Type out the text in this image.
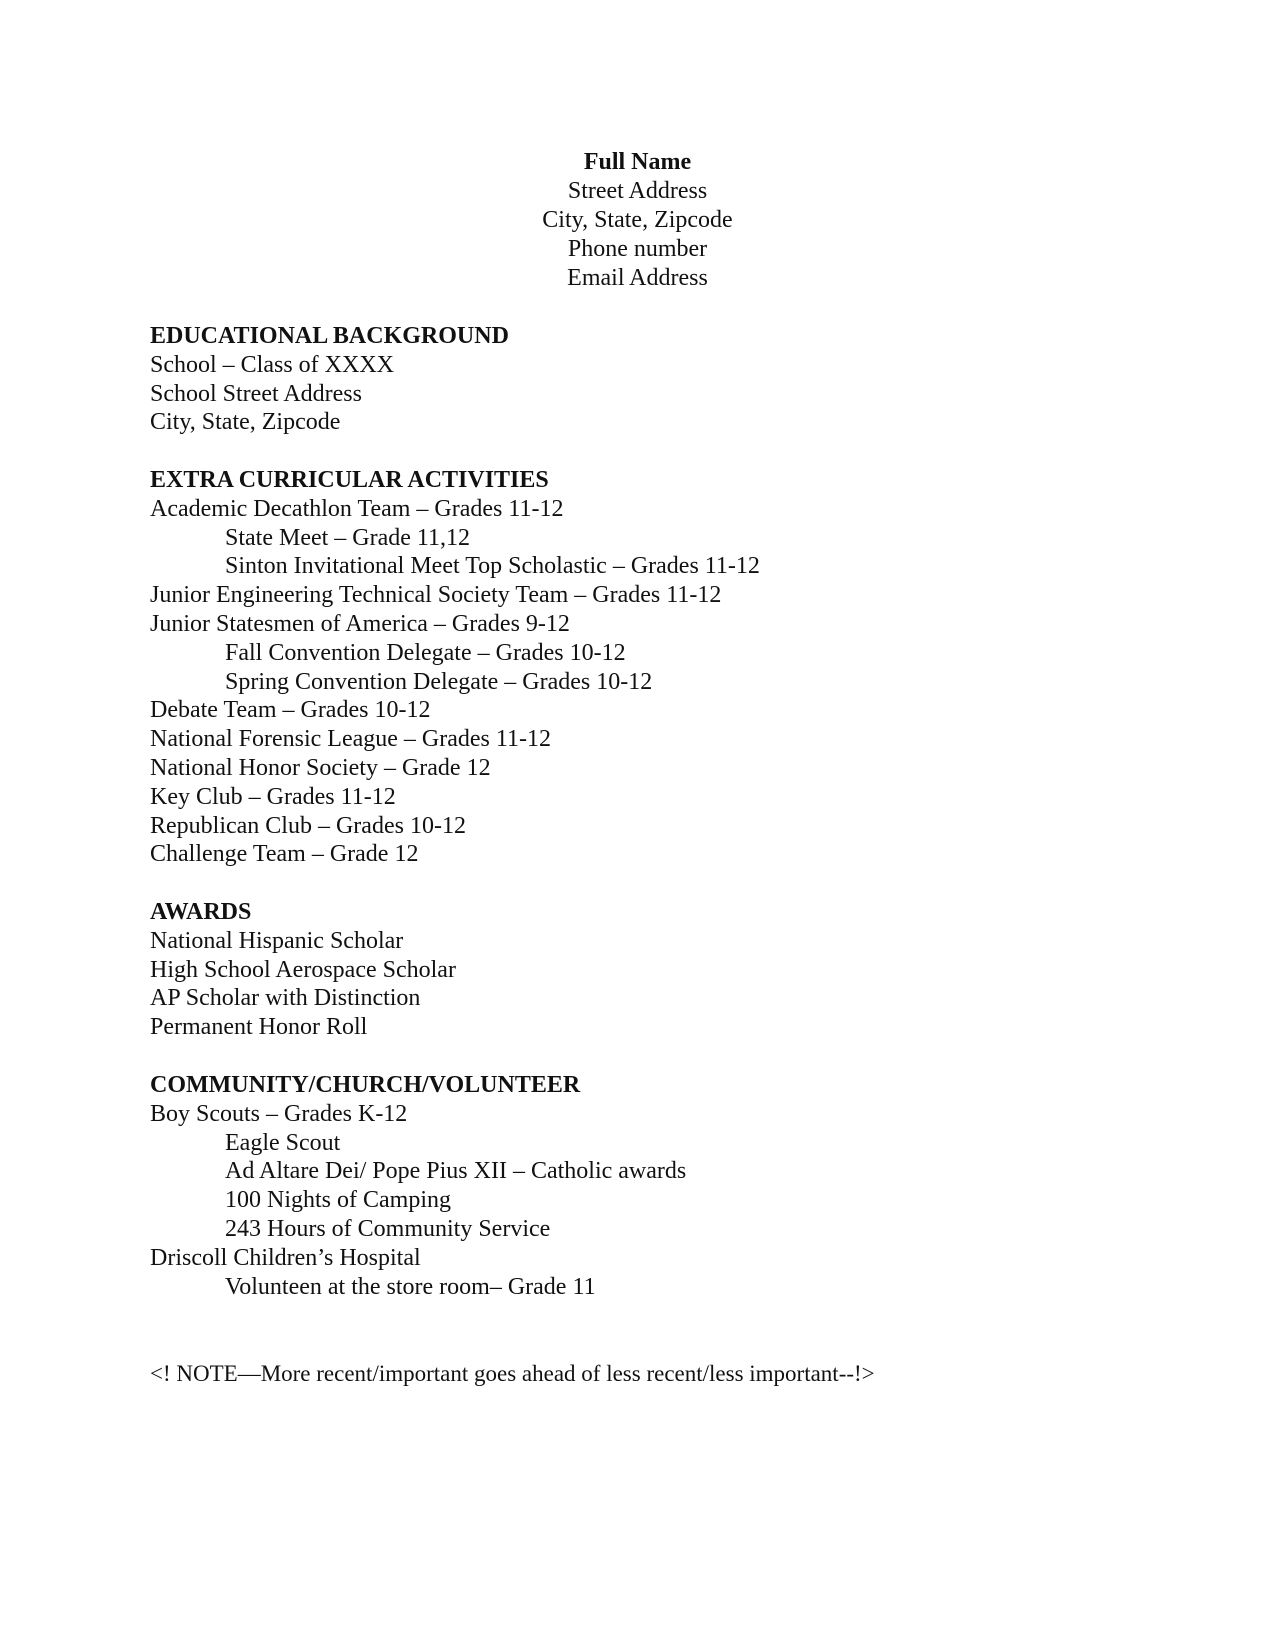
Full Name
Street Address
City, State, Zipcode
Phone number
Email Address
EDUCATIONAL BACKGROUND
School – Class of XXXX
School Street Address
City, State, Zipcode
EXTRA CURRICULAR ACTIVITIES
Academic Decathlon Team – Grades 11-12
State Meet – Grade 11,12
Sinton Invitational Meet Top Scholastic – Grades 11-12
Junior Engineering Technical Society Team – Grades 11-12
Junior Statesmen of America – Grades 9-12
Fall Convention Delegate – Grades 10-12
Spring Convention Delegate – Grades 10-12
Debate Team – Grades 10-12
National Forensic League – Grades 11-12
National Honor Society – Grade 12
Key Club – Grades 11-12
Republican Club – Grades 10-12
Challenge Team – Grade 12
AWARDS
National Hispanic Scholar
High School Aerospace Scholar
AP Scholar with Distinction
Permanent Honor Roll
COMMUNITY/CHURCH/VOLUNTEER
Boy Scouts – Grades K-12
Eagle Scout
Ad Altare Dei/ Pope Pius XII – Catholic awards
100 Nights of Camping
243 Hours of Community Service
Driscoll Children’s Hospital
Volunteen at the store room– Grade 11
<! NOTE—More recent/important goes ahead of less recent/less important--!>
